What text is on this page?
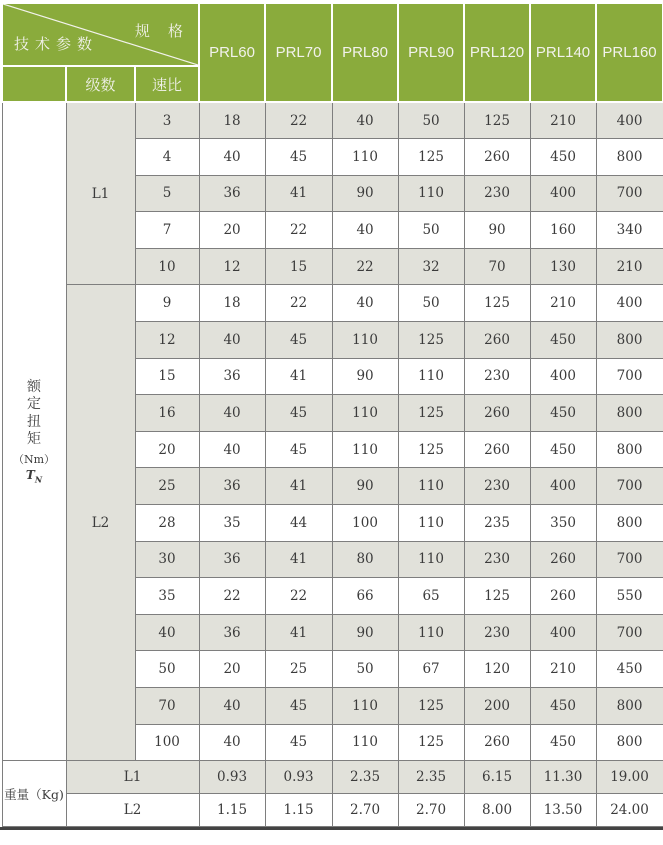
规 格
技术参数			PRL60	PRL70	PRL80	PRL90	PRL120	PRL140	PRL160
	级数	速比							

额
定
扭
矩
（Nm）
$T_N$
	L1	3	18	22	40	50	125	210	400
		4	40	45	110	125	260	450	800
		5	36	41	90	110	230	400	700
		7	20	22	40	50	90	160	340
		10	12	15	22	32	70	130	210
	L2	9	18	22	40	50	125	210	400
		12	40	45	110	125	260	450	800
		15	36	41	90	110	230	400	700
		16	40	45	110	125	260	450	800
		20	40	45	110	125	260	450	800
		25	36	41	90	110	230	400	700
		28	35	44	100	110	235	350	800
		30	36	41	80	110	230	260	700
		35	22	22	66	65	125	260	550
		40	36	41	90	110	230	400	700
		50	20	25	50	67	120	210	450
		70	40	45	110	125	200	450	800
		100	40	45	110	125	260	450	800
重量（Kg)	L1		0.93	0.93	2.35	2.35	6.15	11.30	19.00
	L2		1.15	1.15	2.70	2.70	8.00	13.50	24.00
